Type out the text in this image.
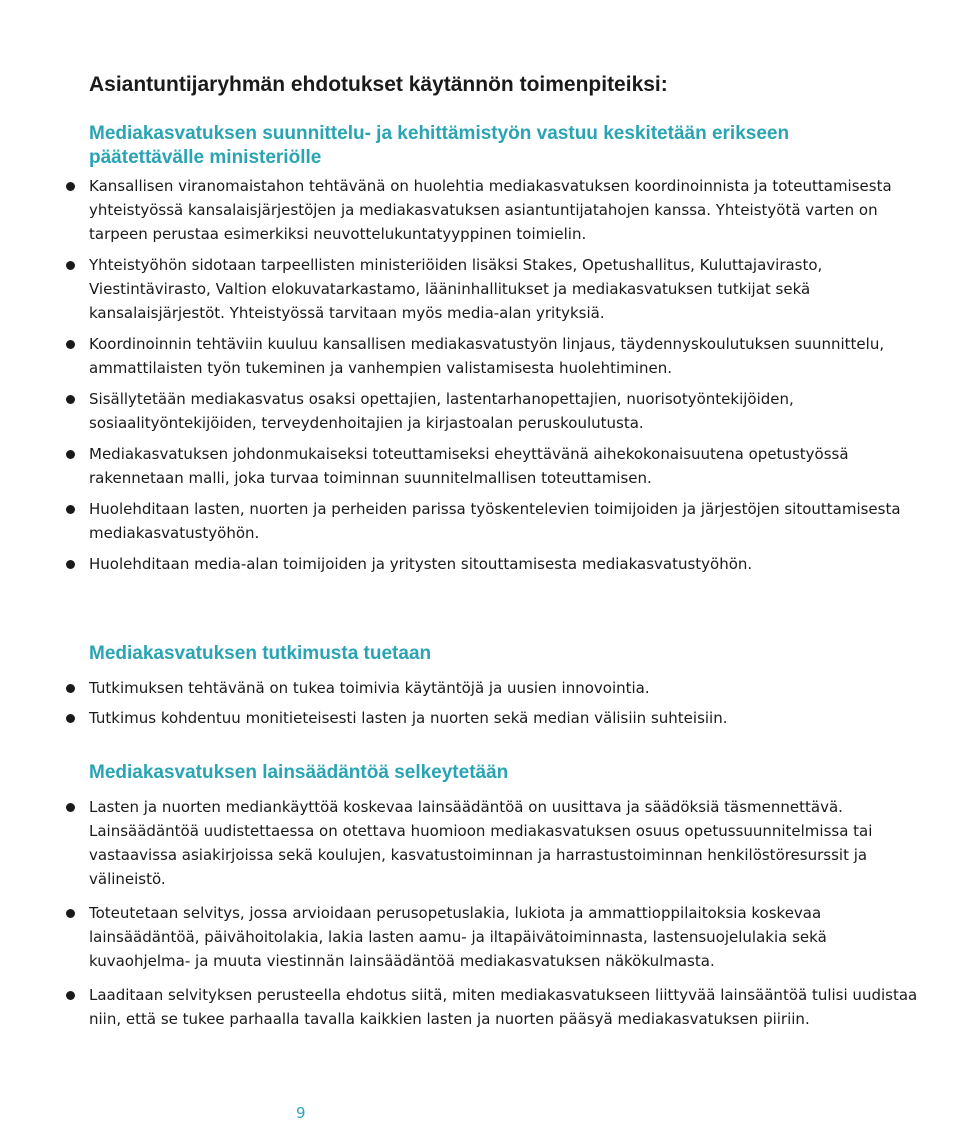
Asiantuntijaryhmän ehdotukset käytännön toimenpiteiksi:
Mediakasvatuksen suunnittelu- ja kehittämistyön vastuu keskitetään erikseen päätettävälle ministeriölle
Kansallisen viranomaistahon tehtävänä on huolehtia mediakasvatuksen koordinoinnista ja toteuttamisesta yhteistyössä kansalaisjärjestöjen ja mediakasvatuksen asiantuntijatahojen kanssa. Yhteistyötä varten on tarpeen perustaa esimerkiksi neuvottelukuntatyyppinen toimielin.
Yhteistyöhön sidotaan tarpeellisten ministeriöiden lisäksi Stakes, Opetushallitus, Kuluttajavirasto, Viestintävirasto, Valtion elokuvatarkastamo, lääninhallitukset ja mediakasvatuksen tutkijat sekä kansalaisjärjestöt. Yhteistyössä tarvitaan myös media-alan yrityksiä.
Koordinoinnin tehtäviin kuuluu kansallisen mediakasvatustyön linjaus, täydennyskoulutuksen suunnittelu, ammattilaisten työn tukeminen ja vanhempien valistamisesta huolehtiminen.
Sisällytetään mediakasvatus osaksi opettajien, lastentarhanopettajien, nuorisotyöntekijöiden, sosiaalityöntekijöiden, terveydenhoitajien ja kirjastoalan peruskoulutusta.
Mediakasvatuksen johdonmukaiseksi toteuttamiseksi eheyttävänä aihekokonaisuutena opetustyössä rakennetaan malli, joka turvaa toiminnan suunnitelmallisen toteuttamisen.
Huolehditaan lasten, nuorten ja perheiden parissa työskentelevien toimijoiden ja järjestöjen sitouttamisesta mediakasvatustyöhön.
Huolehditaan media-alan toimijoiden ja yritysten sitouttamisesta mediakasvatustyöhön.
Mediakasvatuksen tutkimusta tuetaan
Tutkimuksen tehtävänä on tukea toimivia käytäntöjä ja uusien innovointia.
Tutkimus kohdentuu monitieteisesti lasten ja nuorten sekä median välisiin suhteisiin.
Mediakasvatuksen lainsäädäntöä selkeytetään
Lasten ja nuorten mediankäyttöä koskevaa lainsäädäntöä on uusittava ja säädöksiä täsmennettävä. Lainsäädäntöä uudistettaessa on otettava huomioon mediakasvatuksen osuus opetussuunnitelmissa tai vastaavissa asiakirjoissa sekä koulujen, kasvatustoiminnan ja harrastustoiminnan henkilöstöresurssit ja välineistö.
Toteutetaan selvitys, jossa arvioidaan perusopetuslakia, lukiota ja ammattioppilaitoksia koskevaa lainsäädäntöä, päivähoitolakia, lakia lasten aamu- ja iltapäivätoiminnasta, lastensuojelulakia sekä kuvaohjelma- ja muuta viestinnän lainsäädäntöä mediakasvatuksen näkökulmasta.
Laaditaan selvityksen perusteella ehdotus siitä, miten mediakasvatukseen liittyvää lainsääntöä tulisi uudistaa niin, että se tukee parhaalla tavalla kaikkien lasten ja nuorten pääsyä mediakasvatuksen piiriin.

9
